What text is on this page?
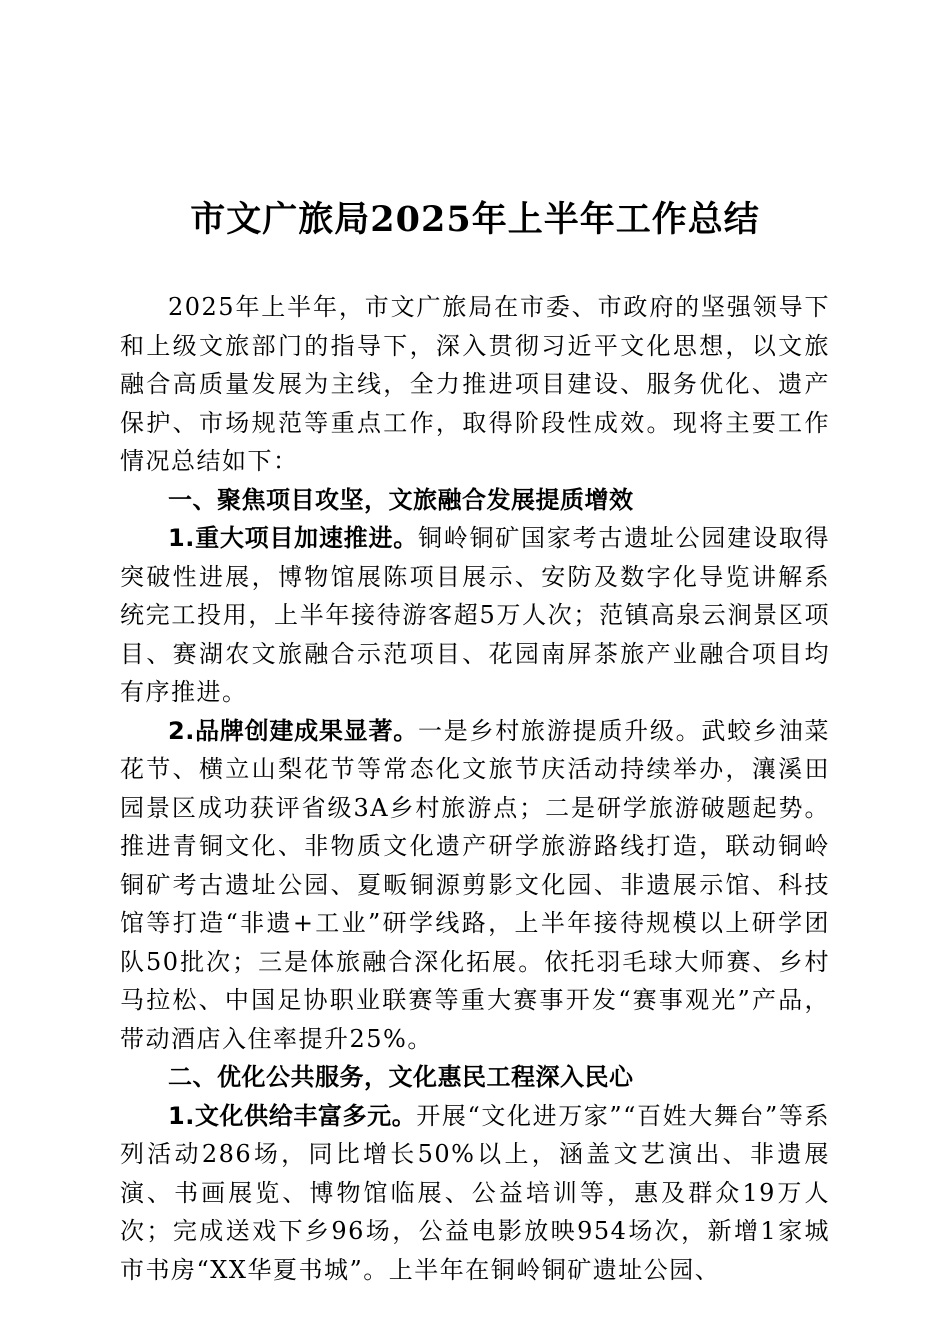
市文广旅局2025年上半年工作总结

2025年上半年，市文广旅局在市委、市政府的坚强领导下和上级文旅部门的指导下，深入贯彻习近平文化思想，以文旅融合高质量发展为主线，全力推进项目建设、服务优化、遗产保护、市场规范等重点工作，取得阶段性成效。现将主要工作情况总结如下：

一、聚焦项目攻坚，文旅融合发展提质增效

1.重大项目加速推进。铜岭铜矿国家考古遗址公园建设取得突破性进展，博物馆展陈项目展示、安防及数字化导览讲解系统完工投用，上半年接待游客超5万人次；范镇高泉云涧景区项目、赛湖农文旅融合示范项目、花园南屏茶旅产业融合项目均有序推进。

2.品牌创建成果显著。一是乡村旅游提质升级。武蛟乡油菜花节、横立山梨花节等常态化文旅节庆活动持续举办，瀼溪田园景区成功获评省级3A乡村旅游点；二是研学旅游破题起势。推进青铜文化、非物质文化遗产研学旅游路线打造，联动铜岭铜矿考古遗址公园、夏畈铜源剪影文化园、非遗展示馆、科技馆等打造“非遗+工业”研学线路，上半年接待规模以上研学团队50批次；三是体旅融合深化拓展。依托羽毛球大师赛、乡村马拉松、中国足协职业联赛等重大赛事开发“赛事观光”产品，带动酒店入住率提升25%。

二、优化公共服务，文化惠民工程深入民心

1.文化供给丰富多元。开展“文化进万家”“百姓大舞台”等系列活动286场，同比增长50%以上，涵盖文艺演出、非遗展演、书画展览、博物馆临展、公益培训等，惠及群众19万人次；完成送戏下乡96场，公益电影放映954场次，新增1家城市书房“XX华夏书城”。上半年在铜岭铜矿遗址公园、
